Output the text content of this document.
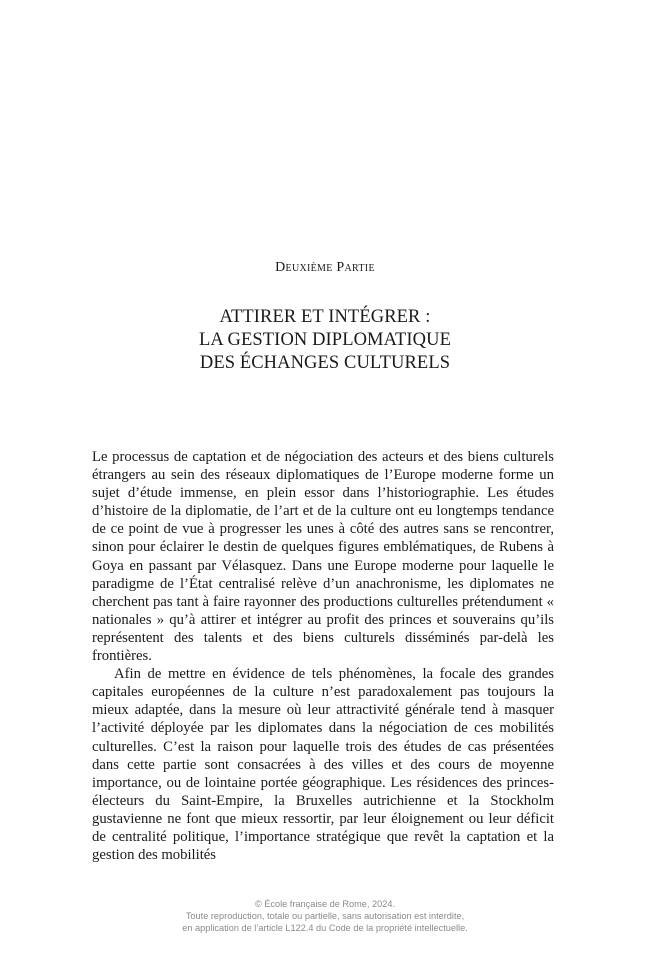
Deuxième Partie
ATTIRER ET INTÉGRER :
LA GESTION DIPLOMATIQUE
DES ÉCHANGES CULTURELS

Le processus de captation et de négociation des acteurs et des biens culturels étrangers au sein des réseaux diplomatiques de l’Europe moderne forme un sujet d’étude immense, en plein essor dans l’historiographie. Les études d’histoire de la diplomatie, de l’art et de la culture ont eu longtemps tendance de ce point de vue à progresser les unes à côté des autres sans se rencontrer, sinon pour éclairer le destin de quelques figures emblématiques, de Rubens à Goya en passant par Vélasquez. Dans une Europe moderne pour laquelle le paradigme de l’État centralisé relève d’un anachronisme, les diplomates ne cherchent pas tant à faire rayonner des productions culturelles prétendument « nationales » qu’à attirer et intégrer au profit des princes et souverains qu’ils représentent des talents et des biens culturels disséminés par-delà les frontières.

Afin de mettre en évidence de tels phénomènes, la focale des grandes capitales européennes de la culture n’est paradoxalement pas toujours la mieux adaptée, dans la mesure où leur attractivité générale tend à masquer l’activité déployée par les diplomates dans la négociation de ces mobilités culturelles. C’est la raison pour laquelle trois des études de cas présentées dans cette partie sont consacrées à des villes et des cours de moyenne importance, ou de lointaine portée géographique. Les résidences des princes-électeurs du Saint-Empire, la Bruxelles autrichienne et la Stockholm gustavienne ne font que mieux ressortir, par leur éloignement ou leur déficit de centralité politique, l’importance stratégique que revêt la captation et la gestion des mobilités

© École française de Rome, 2024.
Toute reproduction, totale ou partielle, sans autorisation est interdite,
en application de l’article L122.4 du Code de la propriété intellectuelle.
